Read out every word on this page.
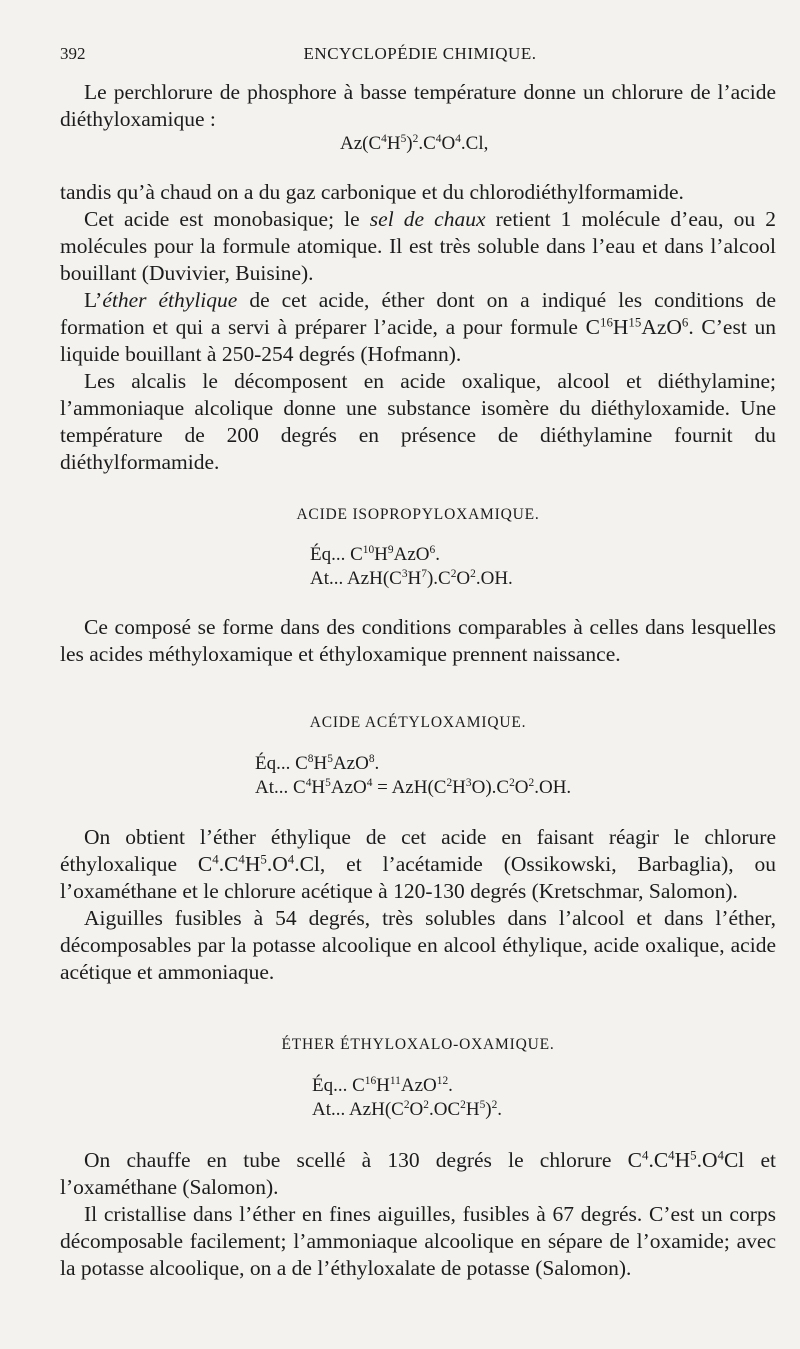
392	ENCYCLOPÉDIE CHIMIQUE.

Le perchlorure de phosphore à basse température donne un chlorure de l’acide diéthyloxamique :

$Az(C^4H^5)^2.C^4O^4.Cl$,

tandis qu’à chaud on a du gaz carbonique et du chlorodiéthylformamide.

Cet acide est monobasique; le sel de chaux retient 1 molécule d’eau, ou 2 molécules pour la formule atomique. Il est très soluble dans l’eau et dans l’alcool bouillant (Duvivier, Buisine).

L’éther éthylique de cet acide, éther dont on a indiqué les conditions de formation et qui a servi à préparer l’acide, a pour formule $C^{16}H^{15}AzO^6$. C’est un liquide bouillant à 250-254 degrés (Hofmann).

Les alcalis le décomposent en acide oxalique, alcool et diéthylamine; l’ammoniaque alcolique donne une substance isomère du diéthyloxamide. Une température de 200 degrés en présence de diéthylamine fournit du diéthylformamide.

ACIDE ISOPROPYLOXAMIQUE.
Éq... $C^{10}H^9AzO^6$.
At... $AzH(C^3H^7).C^2O^2.OH$.

Ce composé se forme dans des conditions comparables à celles dans lesquelles les acides méthyloxamique et éthyloxamique prennent naissance.

ACIDE ACÉTYLOXAMIQUE.
Éq... $C^8H^5AzO^8$.
At... $C^4H^5AzO^4 = AzH(C^2H^3O).C^2O^2.OH$.

On obtient l’éther éthylique de cet acide en faisant réagir le chlorure éthyloxalique $C^4.C^4H^5.O^4.Cl$, et l’acétamide (Ossikowski, Barbaglia), ou l’oxaméthane et le chlorure acétique à 120-130 degrés (Kretschmar, Salomon).

Aiguilles fusibles à 54 degrés, très solubles dans l’alcool et dans l’éther, décomposables par la potasse alcoolique en alcool éthylique, acide oxalique, acide acétique et ammoniaque.

ÉTHER ÉTHYLOXALO-OXAMIQUE.
Éq... $C^{16}H^{11}AzO^{12}$.
At... $AzH(C^2O^2.OC^2H^5)^2$.

On chauffe en tube scellé à 130 degrés le chlorure $C^4.C^4H^5.O^4Cl$ et l’oxaméthane (Salomon).

Il cristallise dans l’éther en fines aiguilles, fusibles à 67 degrés. C’est un corps décomposable facilement; l’ammoniaque alcoolique en sépare de l’oxamide; avec la potasse alcoolique, on a de l’éthyloxalate de potasse (Salomon).
